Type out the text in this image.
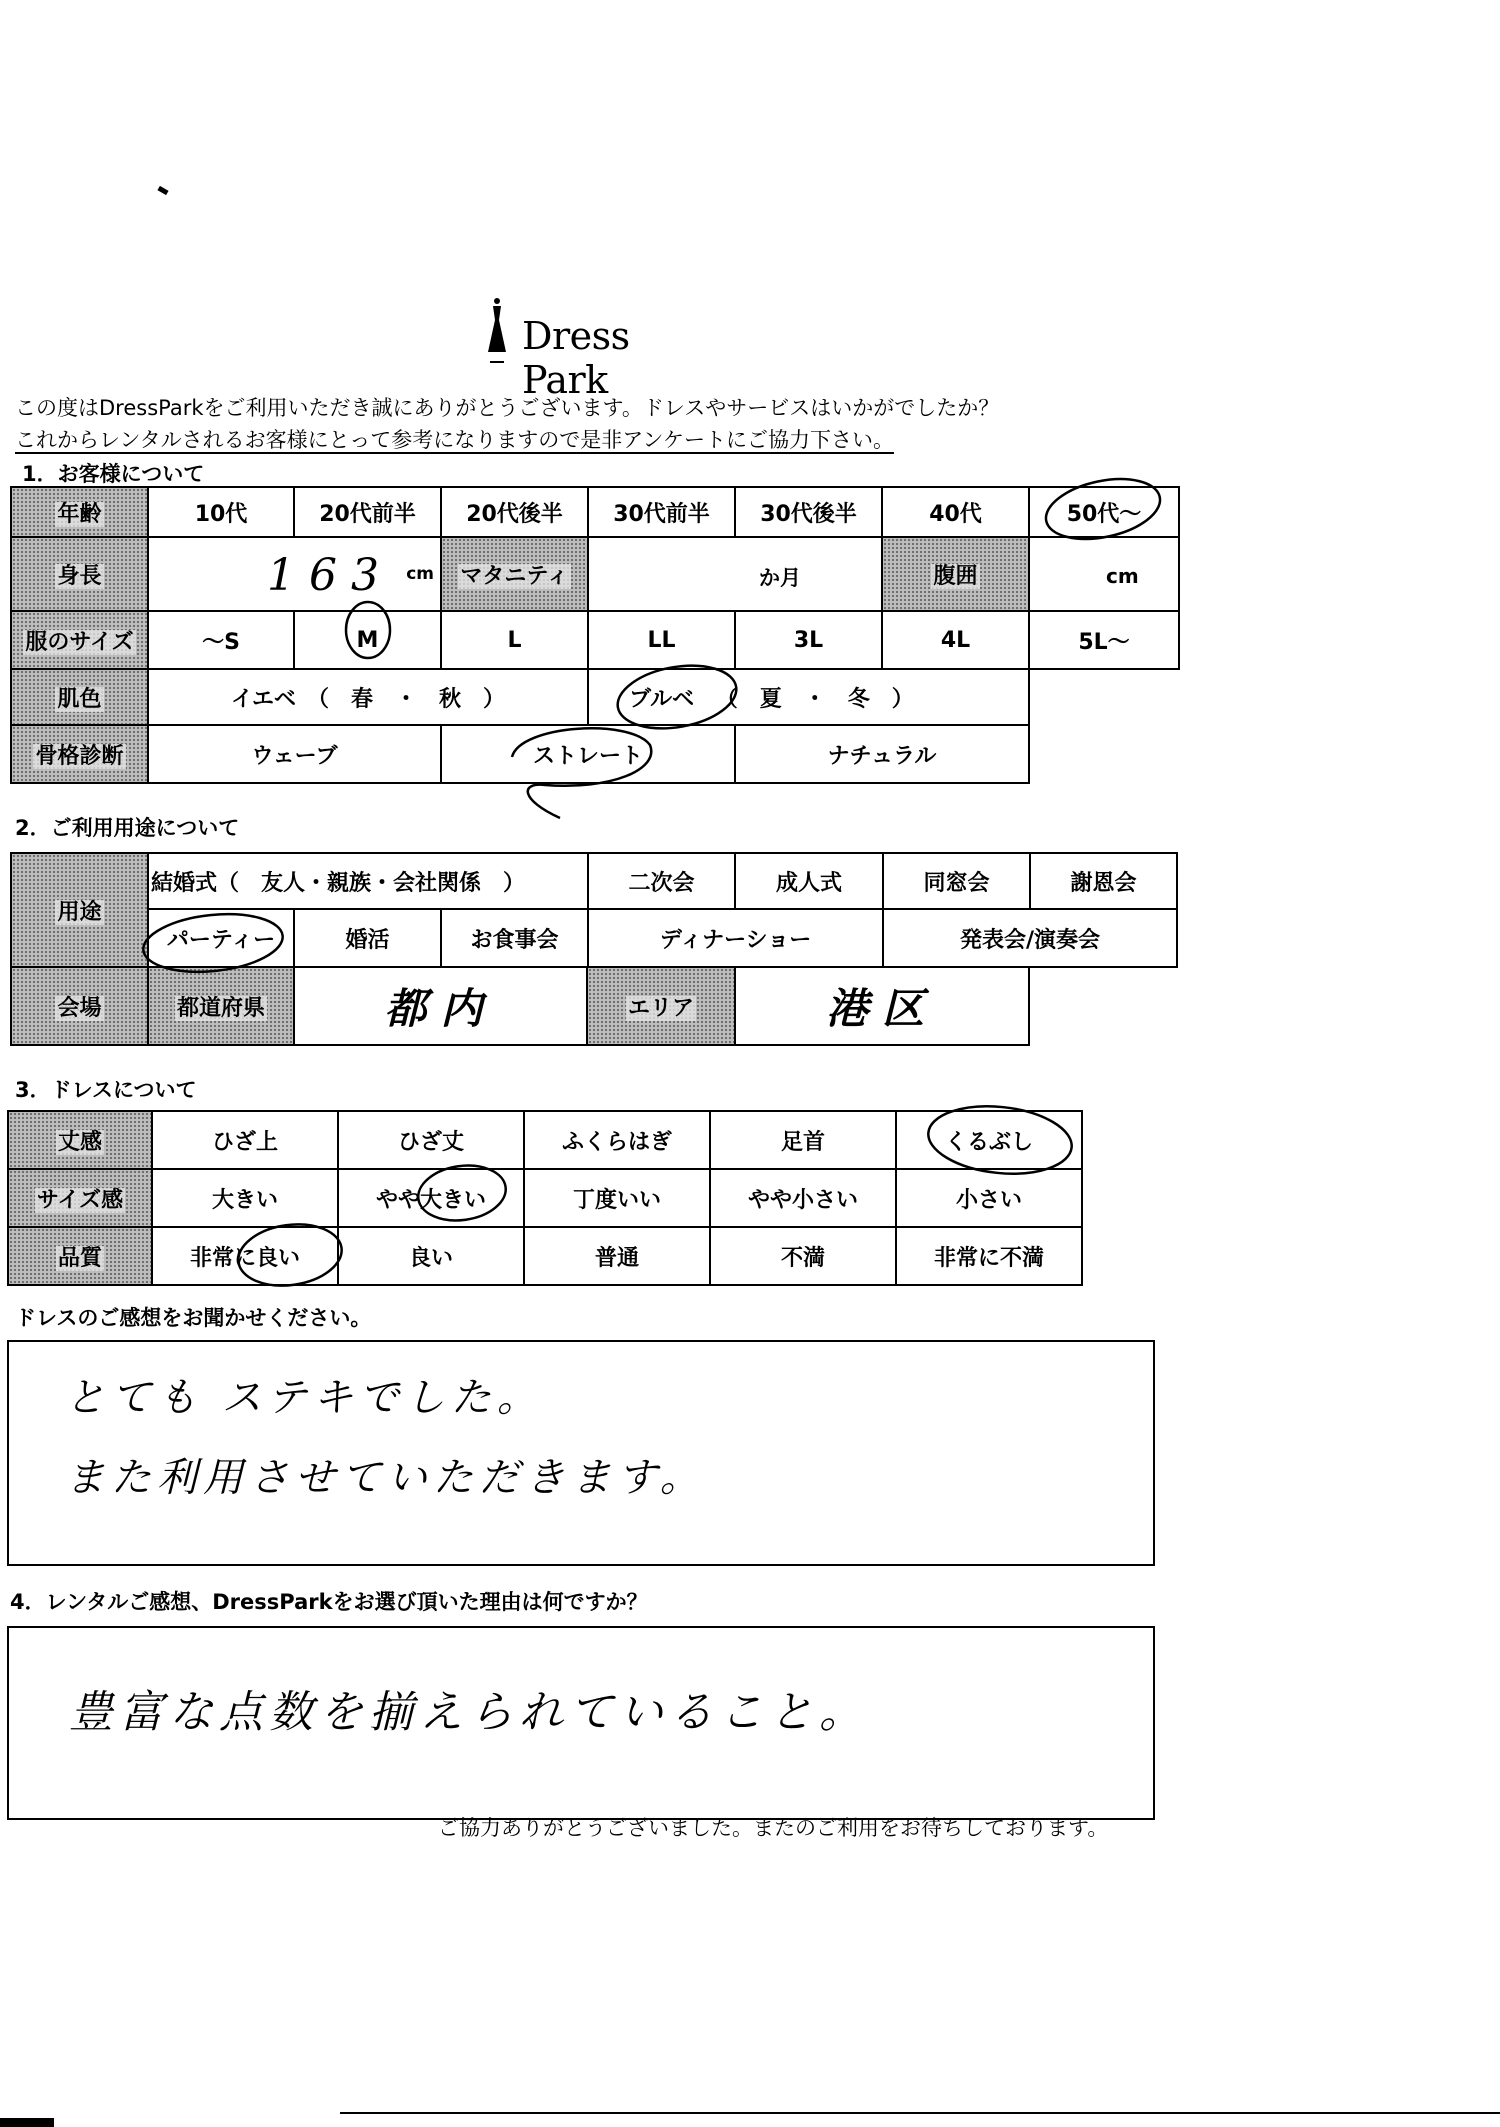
Dress Park
この度はDressParkをご利用いただき誠にありがとうございます。ドレスやサービスはいかがでしたか？
これからレンタルされるお客様にとって参考になりますので是非アンケートにご協力下さい。
1．お客様について
年齢	10代	20代前半	20代後半	30代前半	30代後半	40代	50代～
身長	163 cm		マタニティ	か月		腹囲	cm

服のサイズ	～S	M	L	LL	3L	4L	5L～
肌色	イエベ　（　春　・　秋　）	ブルベ （　夏　・　冬　）
骨格診断	ウェーブ	ストレート	ナチュラル
2．ご利用用途について
用途	結婚式（　友人・親族・会社関係　）			二次会	成人式	同窓会	謝恩会
	パーティー	婚活	お食事会	ディナーショー		発表会/演奏会	
会場	都道府県	都内	エリア	港区
3．ドレスについて
丈感	ひざ上	ひざ丈	ふくらはぎ	足首	くるぶし
サイズ感	大きい	やや大きい	丁度いい	やや小さい	小さい
品質	非常に良い	良い	普通	不満	非常に不満
ドレスのご感想をお聞かせください。
とても ステキでした。
また利用させていただきます。
4．レンタルご感想、DressParkをお選び頂いた理由は何ですか？
豊富な点数を揃えられていること。
ご協力ありがとうございました。またのご利用をお待ちしております。
